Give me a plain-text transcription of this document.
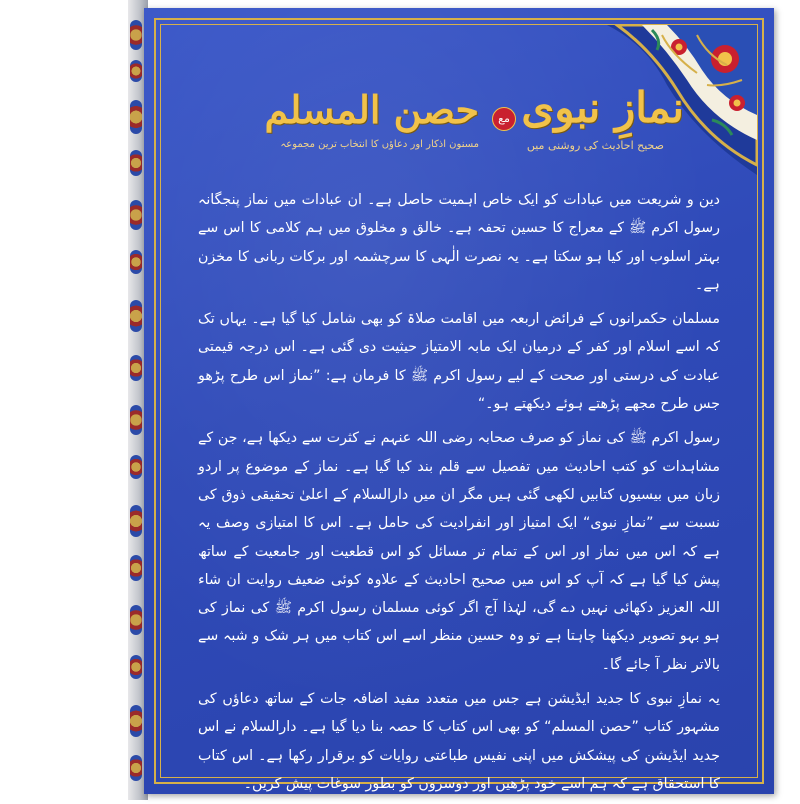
نمازِ نبوی
صحیح احادیث کی روشنی میں
مع
حصن المسلم
مسنون اذکار اور دعاؤں کا انتخاب ترین مجموعہ

دین و شریعت میں عبادات کو ایک خاص اہمیت حاصل ہے۔ ان عبادات میں نماز پنجگانہ رسول اکرم ﷺ کے معراج کا حسین تحفہ ہے۔ خالق و مخلوق میں ہم کلامی کا اس سے بہتر اسلوب اور کیا ہو سکتا ہے۔ یہ نصرت الٰہی کا سرچشمہ اور برکات ربانی کا مخزن ہے۔

مسلمان حکمرانوں کے فرائض اربعہ میں اقامت صلاۃ کو بھی شامل کیا گیا ہے۔ یہاں تک کہ اسے اسلام اور کفر کے درمیان ایک مابہ الامتیاز حیثیت دی گئی ہے۔ اس درجہ قیمتی عبادت کی درستی اور صحت کے لیے رسول اکرم ﷺ کا فرمان ہے: ”نماز اس طرح پڑھو جس طرح مجھے پڑھتے ہوئے دیکھتے ہو۔“

رسول اکرم ﷺ کی نماز کو صرف صحابہ رضی اللہ عنہم نے کثرت سے دیکھا ہے، جن کے مشاہدات کو کتب احادیث میں تفصیل سے قلم بند کیا گیا ہے۔ نماز کے موضوع پر اردو زبان میں بیسیوں کتابیں لکھی گئی ہیں مگر ان میں دارالسلام کے اعلیٰ تحقیقی ذوق کی نسبت سے ”نمازِ نبوی“ ایک امتیاز اور انفرادیت کی حامل ہے۔ اس کا امتیازی وصف یہ ہے کہ اس میں نماز اور اس کے تمام تر مسائل کو اس قطعیت اور جامعیت کے ساتھ پیش کیا گیا ہے کہ آپ کو اس میں صحیح احادیث کے علاوہ کوئی ضعیف روایت ان شاء اللہ العزیز دکھائی نہیں دے گی، لہٰذا آج اگر کوئی مسلمان رسول اکرم ﷺ کی نماز کی ہو بہو تصویر دیکھنا چاہتا ہے تو وہ حسین منظر اسے اس کتاب میں ہر شک و شبہ سے بالاتر نظر آ جائے گا۔

یہ نمازِ نبوی کا جدید ایڈیشن ہے جس میں متعدد مفید اضافہ جات کے ساتھ دعاؤں کی مشہور کتاب ”حصن المسلم“ کو بھی اس کتاب کا حصہ بنا دیا گیا ہے۔ دارالسلام نے اس جدید ایڈیشن کی پیشکش میں اپنی نفیس طباعتی روایات کو برقرار رکھا ہے۔ اس کتاب کا استحقاق ہے کہ ہم اسے خود پڑھیں اور دوسروں کو بطور سوغات پیش کریں۔
